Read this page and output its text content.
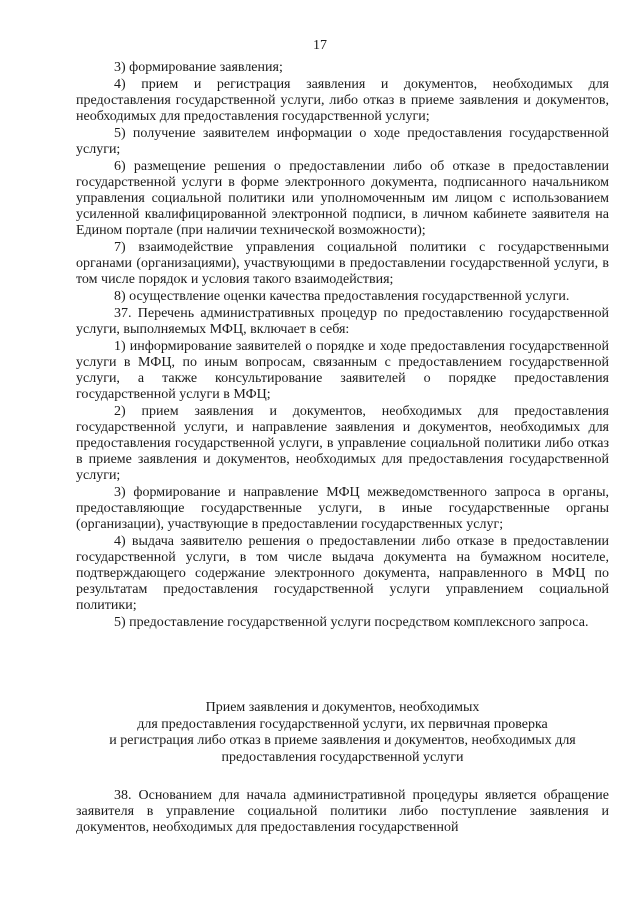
17

3) формирование заявления;

4) прием и регистрация заявления и документов, необходимых для предоставления государственной услуги, либо отказ в приеме заявления и документов, необходимых для предоставления государственной услуги;

5) получение заявителем информации о ходе предоставления государственной услуги;

6) размещение решения о предоставлении либо об отказе в предоставлении государственной услуги в форме электронного документа, подписанного начальником управления социальной политики или уполномоченным им лицом с использованием усиленной квалифицированной электронной подписи, в личном кабинете заявителя на Едином портале (при наличии технической возможности);

7) взаимодействие управления социальной политики с государственными органами (организациями), участвующими в предоставлении государственной услуги, в том числе порядок и условия такого взаимодействия;

8) осуществление оценки качества предоставления государственной услуги.

37. Перечень административных процедур по предоставлению государственной услуги, выполняемых МФЦ, включает в себя:

1) информирование заявителей о порядке и ходе предоставления государственной услуги в МФЦ, по иным вопросам, связанным с предоставлением государственной услуги, а также консультирование заявителей о порядке предоставления государственной услуги в МФЦ;

2) прием заявления и документов, необходимых для предоставления государственной услуги, и направление заявления и документов, необходимых для предоставления государственной услуги, в управление социальной политики либо отказ в приеме заявления и документов, необходимых для предоставления государственной услуги;

3) формирование и направление МФЦ межведомственного запроса в органы, предоставляющие государственные услуги, в иные государственные органы (организации), участвующие в предоставлении государственных услуг;

4) выдача заявителю решения о предоставлении либо отказе в предоставлении государственной услуги, в том числе выдача документа на бумажном носителе, подтверждающего содержание электронного документа, направленного в МФЦ по результатам предоставления государственной услуги управлением социальной политики;

5) предоставление государственной услуги посредством комплексного запроса.

Прием заявления и документов, необходимых
для предоставления государственной услуги, их первичная проверка
и регистрация либо отказ в приеме заявления и документов, необходимых для
предоставления государственной услуги

38. Основанием для начала административной процедуры является обращение заявителя в управление социальной политики либо поступление заявления и документов, необходимых для предоставления государственной
